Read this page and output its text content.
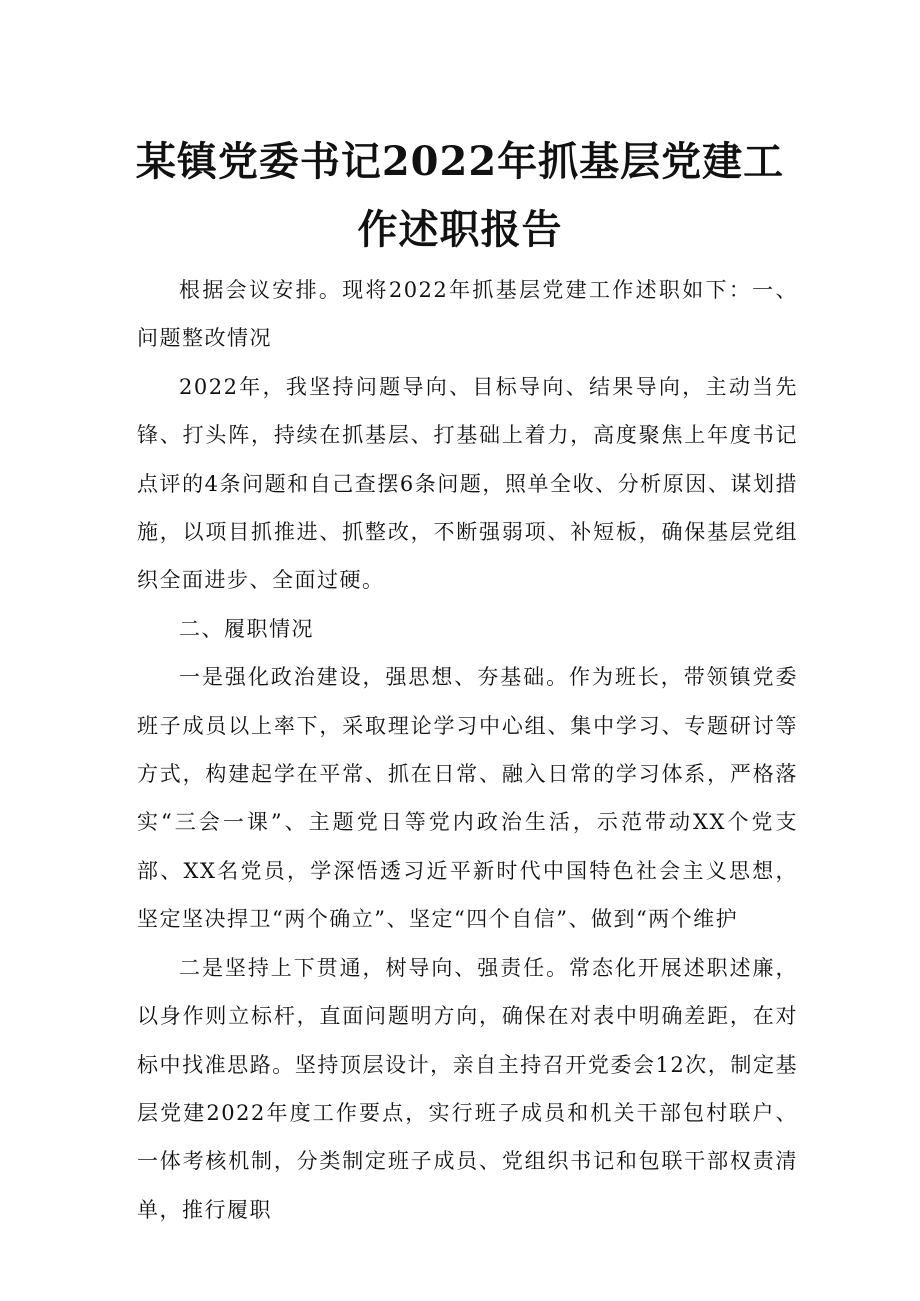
某镇党委书记2022年抓基层党建工
作述职报告

根据会议安排。现将2022年抓基层党建工作述职如下：一、问题整改情况

2022年，我坚持问题导向、目标导向、结果导向，主动当先锋、打头阵，持续在抓基层、打基础上着力，高度聚焦上年度书记点评的4条问题和自己查摆6条问题，照单全收、分析原因、谋划措施，以项目抓推进、抓整改，不断强弱项、补短板，确保基层党组织全面进步、全面过硬。

二、履职情况

一是强化政治建设，强思想、夯基础。作为班长，带领镇党委班子成员以上率下，采取理论学习中心组、集中学习、专题研讨等方式，构建起学在平常、抓在日常、融入日常的学习体系，严格落实“三会一课”、主题党日等党内政治生活，示范带动XX个党支部、XX名党员，学深悟透习近平新时代中国特色社会主义思想，坚定坚决捍卫“两个确立”、坚定“四个自信”、做到“两个维护

二是坚持上下贯通，树导向、强责任。常态化开展述职述廉，以身作则立标杆，直面问题明方向，确保在对表中明确差距，在对标中找准思路。坚持顶层设计，亲自主持召开党委会12次，制定基层党建2022年度工作要点，实行班子成员和机关干部包村联户、一体考核机制，分类制定班子成员、党组织书记和包联干部权责清单，推行履职
